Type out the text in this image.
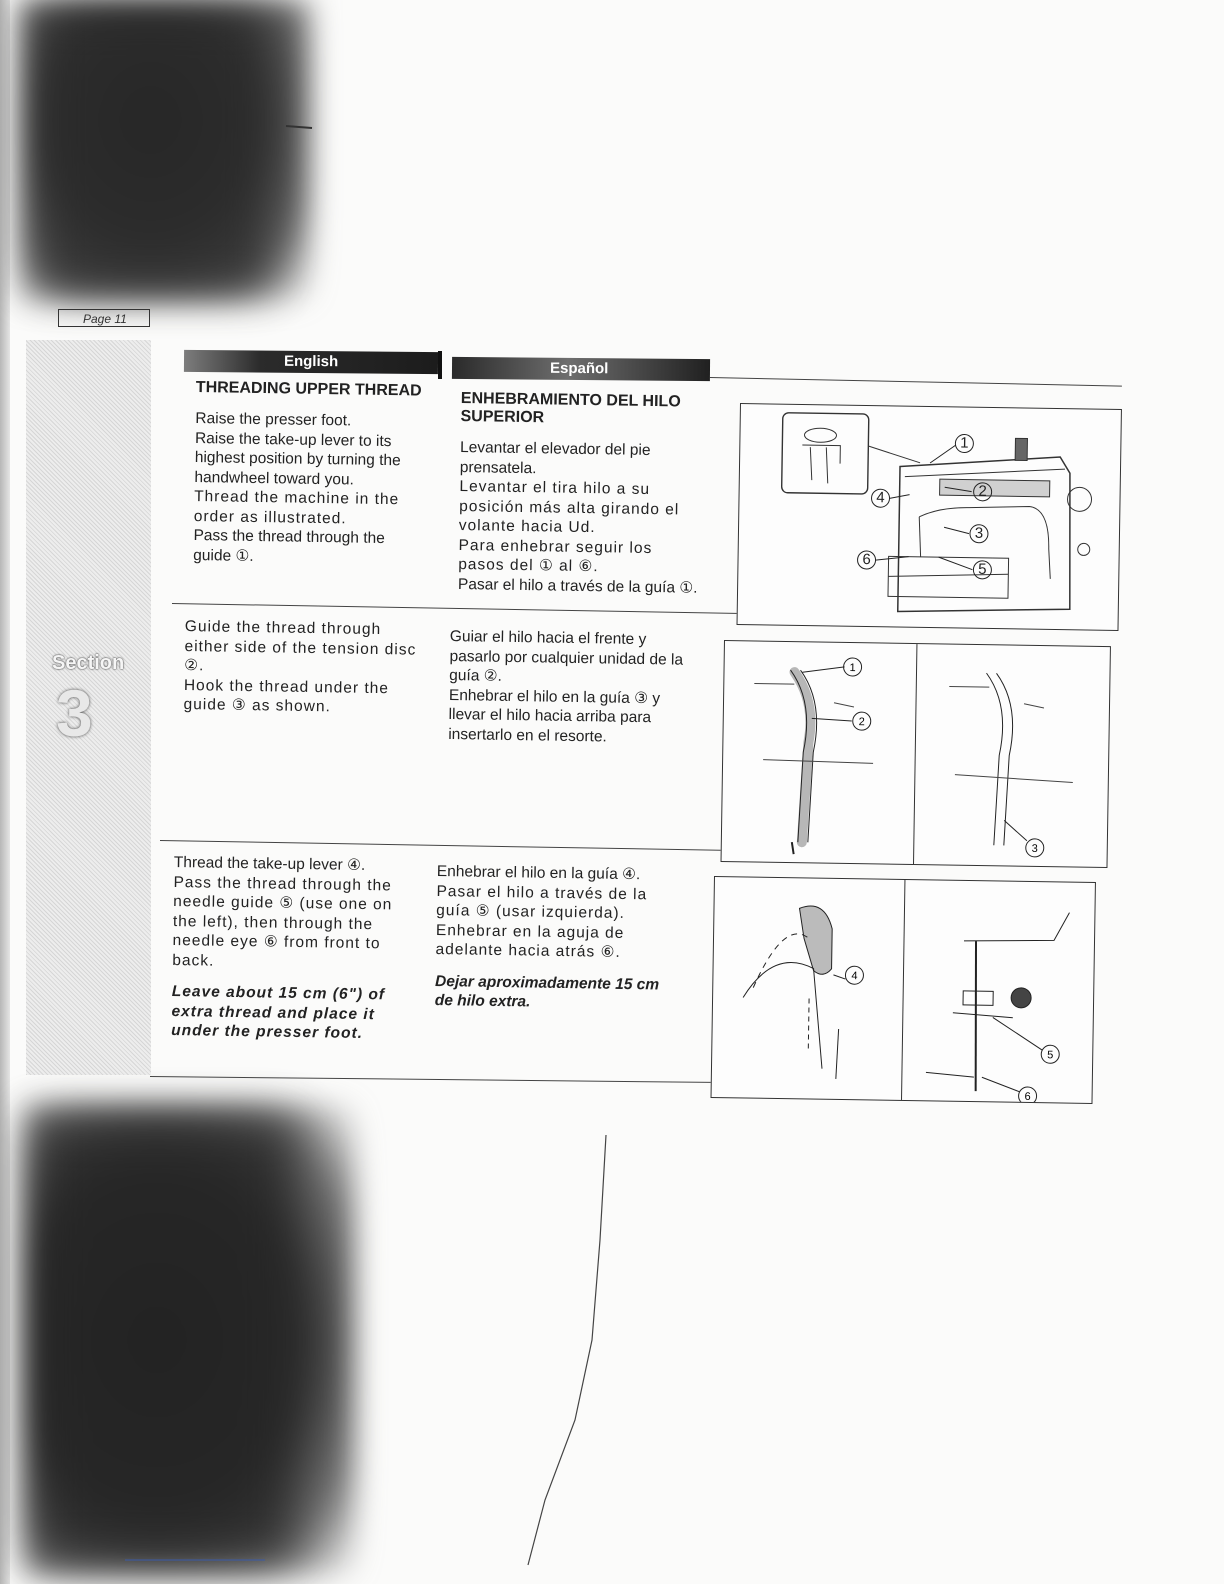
Page 11
Section
3
English	Español

THREADING UPPER THREAD

Raise the presser foot.

Raise the take-up lever to its highest position by turning the handwheel toward you.

Thread the machine in the order as illustrated.

Pass the thread through the guide ①.

ENHEBRAMIENTO DEL HILO SUPERIOR

Levantar el elevador del pie prensatela.

Levantar el tira hilo a su posición más alta girando el volante hacia Ud.

Para enhebrar seguir los pasos del ① al ⑥.

Pasar el hilo a través de la guía ①.

Guide the thread through either side of the tension disc ②.

Hook the thread under the guide ③ as shown.

Guiar el hilo hacia el frente y pasarlo por cualquier unidad de la guía ②.

Enhebrar el hilo en la guía ③ y llevar el hilo hacia arriba para insertarlo en el resorte.

Thread the take-up lever ④.

Pass the thread through the needle guide ⑤ (use one on the left), then through the needle eye ⑥ from front to back.

Leave about 15 cm (6") of extra thread and place it under the presser foot.

Enhebrar el hilo en la guía ④.

Pasar el hilo a través de la guía ⑤ (usar izquierda).

Enhebrar en la aguja de adelante hacia atrás ⑥.

Dejar aproximadamente 15 cm de hilo extra.

1
2
3
4
5
6
1
2
3
4
5
6
